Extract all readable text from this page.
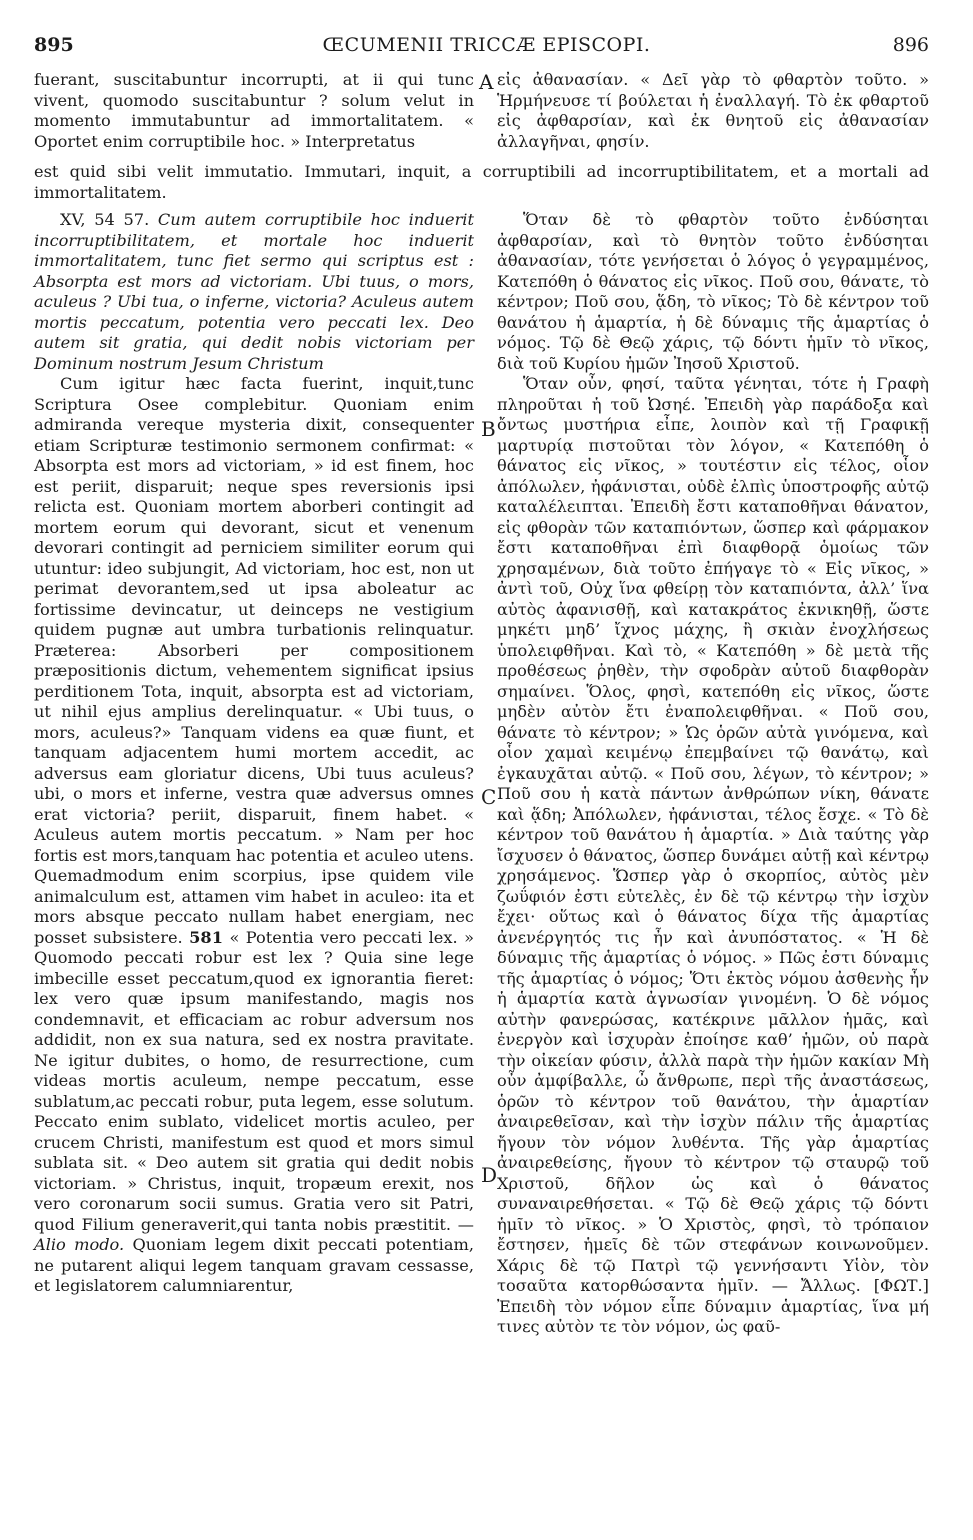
895	ŒCUMENII TRICCÆ EPISCOPI.	896

fuerant, suscitabuntur incorrupti, at ii qui tunc vivent, quomodo suscitabuntur ? solum velut in momento immutabuntur ad immortalitatem. « Oportet enim corruptibile hoc. » Interpretatus

A εἰς ἀθανασίαν. « Δεῖ γὰρ τὸ φθαρτὸν τοῦτο. » Ἡρμήνευσε τί βούλεται ἡ ἐναλλαγή. Τὸ ἐκ φθαρτοῦ εἰς ἀφθαρσίαν, καὶ ἐκ θνητοῦ εἰς ἀθανασίαν ἀλλαγῆναι, φησίν.

est quid sibi velit immutatio. Immutari, inquit, a corruptibili ad incorruptibilitatem, et a mortali ad immortalitatem.

XV, 54 57. Cum autem corruptibile hoc induerit incorruptibilitatem, et mortale hoc induerit immortalitatem, tunc fiet sermo qui scriptus est : Absorpta est mors ad victoriam. Ubi tuus, o mors, aculeus ? Ubi tua, o inferne, victoria? Aculeus autem mortis peccatum, potentia vero peccati lex. Deo autem sit gratia, qui dedit nobis victoriam per Dominum nostrum Jesum Christum

Ὅταν δὲ τὸ φθαρτὸν τοῦτο ἐνδύσηται ἀφθαρσίαν, καὶ τὸ θνητὸν τοῦτο ἐνδύσηται ἀθανασίαν, τότε γενήσεται ὁ λόγος ὁ γεγραμμένος, Κατεπόθη ὁ θάνατος εἰς νῖκος. Ποῦ σου, θάνατε, τὸ κέντρον; Ποῦ σου, ᾅδη, τὸ νῖκος; Τὸ δὲ κέντρον τοῦ θανάτου ἡ ἁμαρτία, ἡ δὲ δύναμις τῆς ἁμαρτίας ὁ νόμος. Τῷ δὲ Θεῷ χάρις, τῷ δόντι ἡμῖν τὸ νῖκος, διὰ τοῦ Κυρίου ἡμῶν Ἰησοῦ Χριστοῦ.

Cum igitur hæc facta fuerint, inquit,tunc Scriptura Osee complebitur. Quoniam enim admiranda vereque mysteria dixit, consequenter etiam Scripturæ testimonio sermonem confirmat: « Absorpta est mors ad victoriam, » id est finem, hoc est periit, disparuit; neque spes reversionis ipsi relicta est. Quoniam mortem aborberi contingit ad mortem eorum qui devorant, sicut et venenum devorari contingit ad perniciem similiter eorum qui utuntur: ideo subjungit, Ad victoriam, hoc est, non ut perimat devorantem,sed ut ipsa aboleatur ac fortissime devincatur, ut deinceps ne vestigium quidem pugnæ aut umbra turbationis relinquatur. Præterea: Absorberi per compositionem præpositionis dictum, vehementem significat ipsius perditionem Tota, inquit, absorpta est ad victoriam, ut nihil ejus amplius derelinquatur. « Ubi tuus, o mors, aculeus?» Tanquam videns ea quæ fiunt, et tanquam adjacentem humi mortem accedit, ac adversus eam gloriatur dicens, Ubi tuus aculeus? ubi, o mors et inferne, vestra quæ adversus omnes erat victoria? periit, disparuit, finem habet. « Aculeus autem mortis peccatum. » Nam per hoc fortis est mors,tanquam hac potentia et aculeo utens. Quemadmodum enim scorpius, ipse quidem vile animalculum est, attamen vim habet in aculeo: ita et mors absque peccato nullam habet energiam, nec posset subsistere. 581 « Potentia vero peccati lex. » Quomodo peccati robur est lex ? Quia sine lege imbecille esset peccatum,quod ex ignorantia fieret: lex vero quæ ipsum manifestando, magis nos condemnavit, et efficaciam ac robur adversum nos addidit, non ex sua natura, sed ex nostra pravitate. Ne igitur dubites, o homo, de resurrectione, cum videas mortis aculeum, nempe peccatum, esse sublatum,ac peccati robur, puta legem, esse solutum. Peccato enim sublato, videlicet mortis aculeo, per crucem Christi, manifestum est quod et mors simul sublata sit. « Deo autem sit gratia qui dedit nobis victoriam. » Christus, inquit, tropæum erexit, nos vero coronarum socii sumus. Gratia vero sit Patri, quod Filium generaverit,qui tanta nobis præstitit. — Alio modo. Quoniam legem dixit peccati potentiam, ne putarent aliqui legem tanquam gravam cessasse, et legislatorem calumniarentur,

B
C
D

Ὅταν οὖν, φησί, ταῦτα γένηται, τότε ἡ Γραφὴ πληροῦται ἡ τοῦ Ὠσηέ. Ἐπειδὴ γὰρ παράδοξα καὶ ὄντως μυστήρια εἶπε, λοιπὸν καὶ τῇ Γραφικῇ μαρτυρίᾳ πιστοῦται τὸν λόγον, « Κατεπόθη ὁ θάνατος εἰς νῖκος, » τουτέστιν εἰς τέλος, οἷον ἀπόλωλεν, ἠφάνισται, οὐδὲ ἐλπὶς ὑποστροφῆς αὐτῷ καταλέλειπται. Ἐπειδὴ ἔστι καταποθῆναι θάνατον, εἰς φθορὰν τῶν καταπιόντων, ὥσπερ καὶ φάρμακον ἔστι καταποθῆναι ἐπὶ διαφθορᾷ ὁμοίως τῶν χρησαμένων, διὰ τοῦτο ἐπήγαγε τὸ « Εἰς νῖκος, » ἀντὶ τοῦ, Οὐχ ἵνα φθείρῃ τὸν καταπιόντα, ἀλλ’ ἵνα αὐτὸς ἀφανισθῇ, καὶ κατακράτος ἐκνικηθῇ, ὥστε μηκέτι μηδ’ ἴχνος μάχης, ἢ σκιὰν ἐνοχλήσεως ὑπολειφθῆναι. Καὶ τὸ, « Κατεπόθη » δὲ μετὰ τῆς προθέσεως ῥηθὲν, τὴν σφοδρὰν αὐτοῦ διαφθορὰν σημαίνει. Ὅλος, φησὶ, κατεπόθη εἰς νῖκος, ὥστε μηδὲν αὐτὸν ἔτι ἐναπολειφθῆναι. « Ποῦ σου, θάνατε τὸ κέντρον; » Ὡς ὁρῶν αὐτὰ γινόμενα, καὶ οἷον χαμαὶ κειμένῳ ἐπεμβαίνει τῷ θανάτῳ, καὶ ἐγκαυχᾶται αὐτῷ. « Ποῦ σου, λέγων, τὸ κέντρον; » Ποῦ σου ἡ κατὰ πάντων ἀνθρώπων νίκη, θάνατε καὶ ᾅδη; Ἀπόλωλεν, ἠφάνισται, τέλος ἔσχε. « Τὸ δὲ κέντρον τοῦ θανάτου ἡ ἁμαρτία. » Διὰ ταύτης γὰρ ἴσχυσεν ὁ θάνατος, ὥσπερ δυνάμει αὐτῇ καὶ κέντρῳ χρησάμενος. Ὥσπερ γὰρ ὁ σκορπίος, αὐτὸς μὲν ζωΰφιόν ἐστι εὐτελὲς, ἐν δὲ τῷ κέντρῳ τὴν ἰσχὺν ἔχει· οὕτως καὶ ὁ θάνατος δίχα τῆς ἁμαρτίας ἀνενέργητός τις ἦν καὶ ἀνυπόστατος. « Ἡ δὲ δύναμις τῆς ἁμαρτίας ὁ νόμος. » Πῶς ἐστι δύναμις τῆς ἁμαρτίας ὁ νόμος; Ὅτι ἐκτὸς νόμου ἀσθενὴς ἦν ἡ ἁμαρτία κατὰ ἀγνωσίαν γινομένη. Ὁ δὲ νόμος αὐτὴν φανερώσας, κατέκρινε μᾶλλον ἡμᾶς, καὶ ἐνεργὸν καὶ ἰσχυρὰν ἐποίησε καθ’ ἡμῶν, οὐ παρὰ τὴν οἰκείαν φύσιν, ἀλλὰ παρὰ τὴν ἡμῶν κακίαν Μὴ οὖν ἀμφίβαλλε, ὦ ἄνθρωπε, περὶ τῆς ἀναστάσεως, ὁρῶν τὸ κέντρον τοῦ θανάτου, τὴν ἁμαρτίαν ἀναιρεθεῖσαν, καὶ τὴν ἰσχὺν πάλιν τῆς ἁμαρτίας ἤγουν τὸν νόμον λυθέντα. Τῆς γὰρ ἁμαρτίας ἀναιρεθείσης, ἤγουν τὸ κέντρον τῷ σταυρῷ τοῦ Χριστοῦ, δῆλον ὡς καὶ ὁ θάνατος συναναιρεθήσεται. « Τῷ δὲ Θεῷ χάρις τῷ δόντι ἡμῖν τὸ νῖκος. » Ὁ Χριστὸς, φησὶ, τὸ τρόπαιον ἔστησεν, ἡμεῖς δὲ τῶν στεφάνων κοινωνοῦμεν. Χάρις δὲ τῷ Πατρὶ τῷ γεννήσαντι Υἱὸν, τὸν τοσαῦτα κατορθώσαντα ἡμῖν. — Ἄλλως. [ΦΩΤ.] Ἐπειδὴ τὸν νόμον εἶπε δύναμιν ἁμαρτίας, ἵνα μή τινες αὐτὸν τε τὸν νόμον, ὡς φαῦ-
